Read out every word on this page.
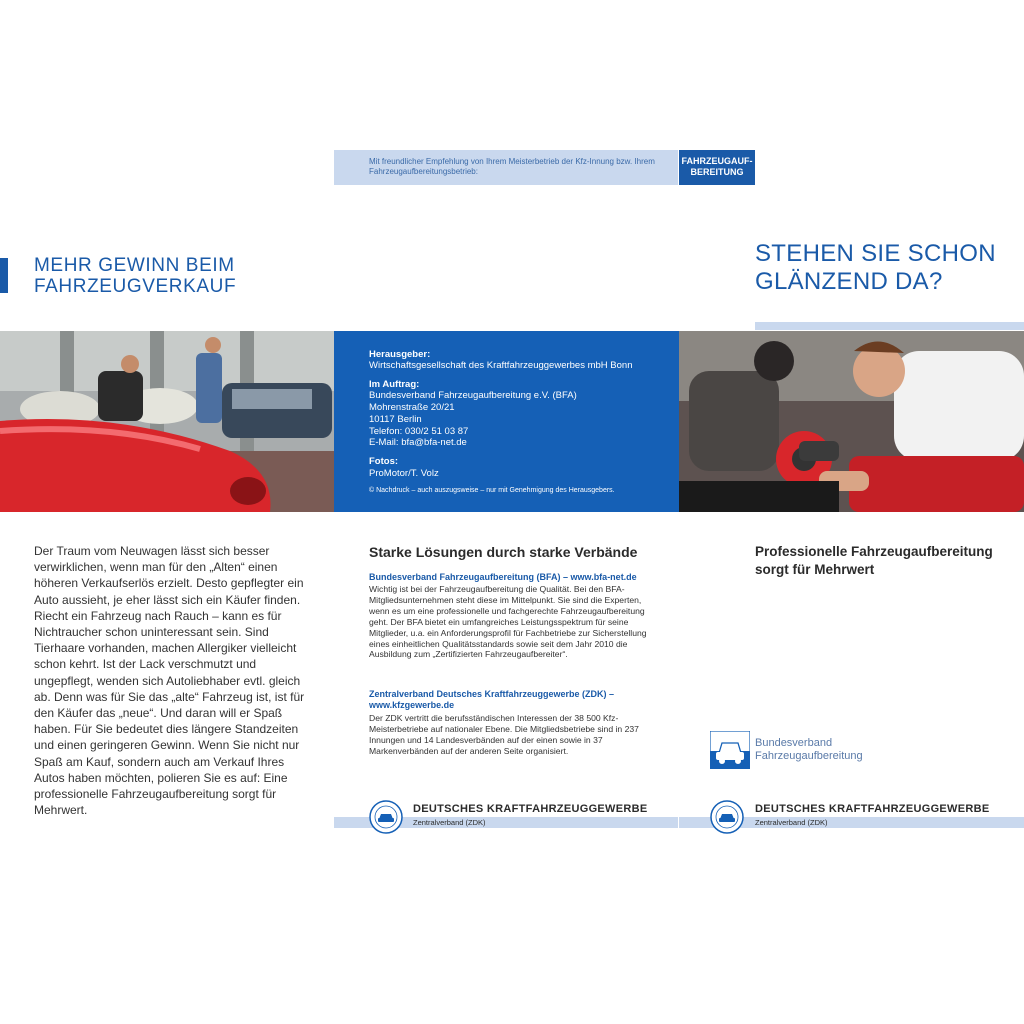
Mit freundlicher Empfehlung von Ihrem Meisterbetrieb der Kfz-Innung bzw. Ihrem Fahrzeugaufbereitungsbetrieb:
FAHRZEUGAUF-
BEREITUNG
MEHR GEWINN BEIM
FAHRZEUGVERKAUF
STEHEN SIE SCHON
GLÄNZEND DA?
Herausgeber:
Wirtschaftsgesellschaft des Kraftfahrzeuggewerbes mbH Bonn
Im Auftrag:
Bundesverband Fahrzeugaufbereitung e.V. (BFA)
Mohrenstraße 20/21
10117 Berlin
Telefon: 030/2 51 03 87
E-Mail: bfa@bfa-net.de
Fotos:
ProMotor/T. Volz
© Nachdruck – auch auszugsweise – nur mit Genehmigung des Herausgebers.
Der Traum vom Neuwagen lässt sich besser verwirklichen, wenn man für den „Alten“ einen höheren Verkaufserlös erzielt. Desto gepflegter ein Auto aussieht, je eher lässt sich ein Käufer finden. Riecht ein Fahrzeug nach Rauch – kann es für Nichtraucher schon uninteressant sein. Sind Tierhaare vorhanden, machen Allergiker vielleicht schon kehrt. Ist der Lack verschmutzt und ungepflegt, wenden sich Autoliebhaber evtl. gleich ab. Denn was für Sie das „alte“ Fahrzeug ist, ist für den Käufer das „neue“. Und daran will er Spaß haben. Für Sie bedeutet dies längere Standzeiten und einen geringeren Gewinn. Wenn Sie nicht nur Spaß am Kauf, sondern auch am Verkauf Ihres Autos haben möchten, polieren Sie es auf: Eine professionelle Fahrzeugaufbereitung sorgt für Mehrwert.
Starke Lösungen durch starke Verbände
Bundesverband Fahrzeugaufbereitung (BFA) – www.bfa-net.de
Wichtig ist bei der Fahrzeugaufbereitung die Qualität. Bei den BFA-Mitgliedsunternehmen steht diese im Mittelpunkt. Sie sind die Experten, wenn es um eine professionelle und fachgerechte Fahrzeugaufbereitung geht. Der BFA bietet ein umfangreiches Leistungsspektrum für seine Mitglieder, u.a. ein Anforderungsprofil für Fachbetriebe zur Sicherstellung eines einheitlichen Qualitätsstandards sowie seit dem Jahr 2010 die Ausbildung zum „Zertifizierten Fahrzeugaufbereiter“.
Zentralverband Deutsches Kraftfahrzeuggewerbe (ZDK) –
www.kfzgewerbe.de
Der ZDK vertritt die berufsständischen Interessen der 38 500 Kfz-Meisterbetriebe auf nationaler Ebene. Die Mitgliedsbetriebe sind in 237 Innungen und 14 Landesverbänden auf der einen sowie in 37 Markenverbänden auf der anderen Seite organisiert.
Professionelle Fahrzeugaufbereitung sorgt für Mehrwert
Bundesverband
Fahrzeugaufbereitung
DEUTSCHES KRAFTFAHRZEUGGEWERBE
Zentralverband (ZDK)
DEUTSCHES KRAFTFAHRZEUGGEWERBE
Zentralverband (ZDK)
